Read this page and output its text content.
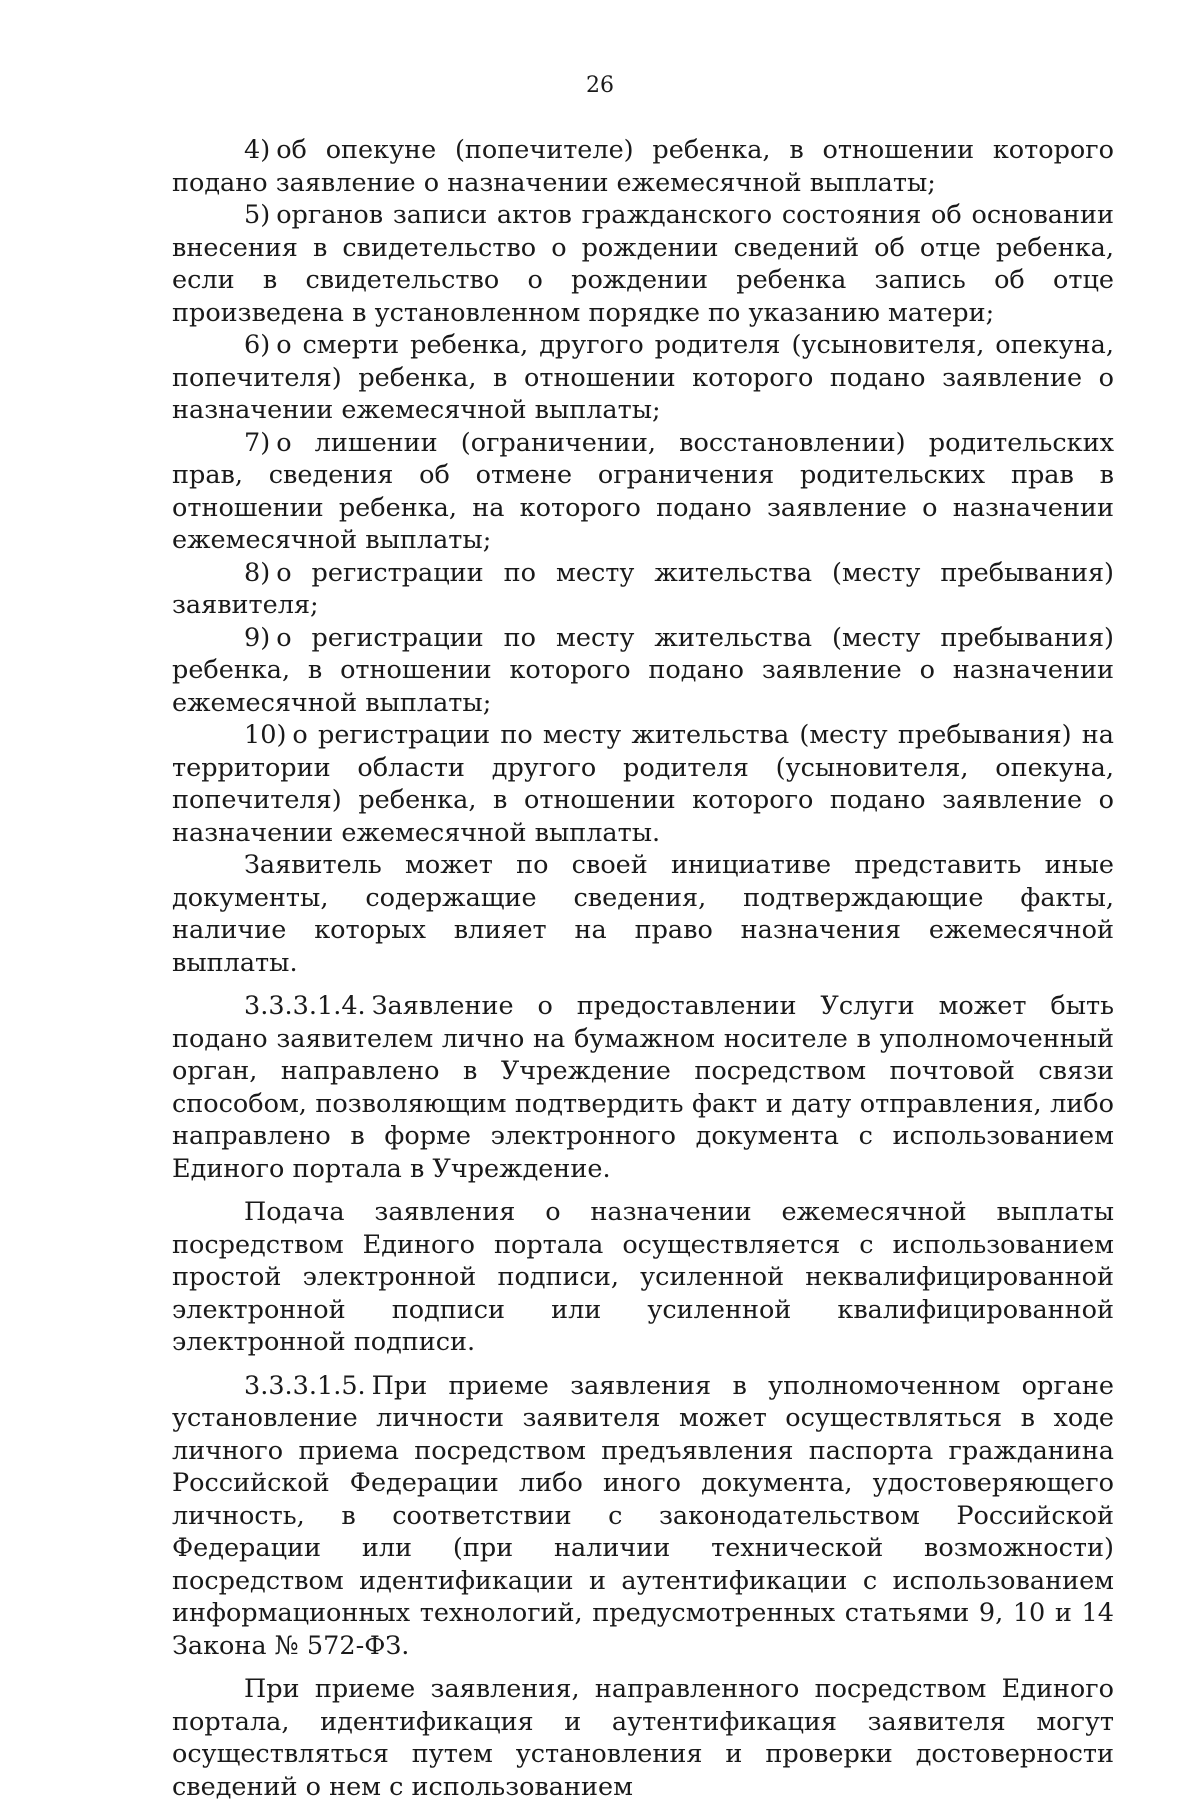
26

4) об опекуне (попечителе) ребенка, в отношении которого подано заявление о назначении ежемесячной выплаты;

5) органов записи актов гражданского состояния об основании внесения в свидетельство о рождении сведений об отце ребенка, если в свидетельство о рождении ребенка запись об отце произведена в установленном порядке по указанию матери;

6) о смерти ребенка, другого родителя (усыновителя, опекуна, попечителя) ребенка, в отношении которого подано заявление о назначении ежемесячной выплаты;

7) о лишении (ограничении, восстановлении) родительских прав, сведения об отмене ограничения родительских прав в отношении ребенка, на которого подано заявление о назначении ежемесячной выплаты;

8) о регистрации по месту жительства (месту пребывания) заявителя;

9) о регистрации по месту жительства (месту пребывания) ребенка, в отношении которого подано заявление о назначении ежемесячной выплаты;

10) о регистрации по месту жительства (месту пребывания) на территории области другого родителя (усыновителя, опекуна, попечителя) ребенка, в отношении которого подано заявление о назначении ежемесячной выплаты.

Заявитель может по своей инициативе представить иные документы, содержащие сведения, подтверждающие факты, наличие которых влияет на право назначения ежемесячной выплаты.

3.3.3.1.4. Заявление о предоставлении Услуги может быть подано заявителем лично на бумажном носителе в уполномоченный орган, направлено в Учреждение посредством почтовой связи способом, позволяющим подтвердить факт и дату отправления, либо направлено в форме электронного документа с использованием Единого портала в Учреждение.

Подача заявления о назначении ежемесячной выплаты посредством Единого портала осуществляется с использованием простой электронной подписи, усиленной неквалифицированной электронной подписи или усиленной квалифицированной электронной подписи.

3.3.3.1.5. При приеме заявления в уполномоченном органе установление личности заявителя может осуществляться в ходе личного приема посредством предъявления паспорта гражданина Российской Федерации либо иного документа, удостоверяющего личность, в соответствии с законодательством Российской Федерации или (при наличии технической возможности) посредством идентификации и аутентификации с использованием информационных технологий, предусмотренных статьями 9, 10 и 14 Закона № 572-ФЗ.

При приеме заявления, направленного посредством Единого портала, идентификация и аутентификация заявителя могут осуществляться путем установления и проверки достоверности сведений о нем с использованием
